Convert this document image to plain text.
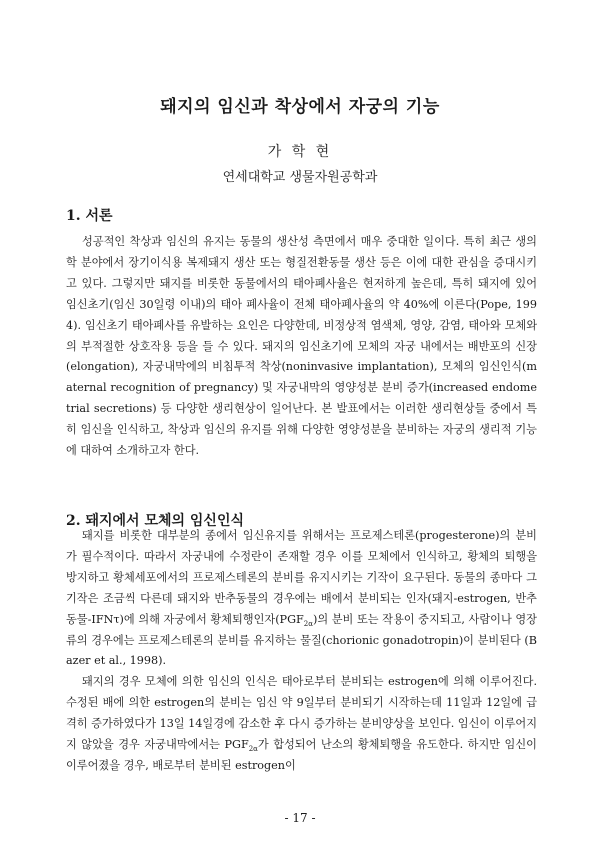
돼지의 임신과 착상에서 자궁의 기능
가 학 현
연세대학교 생물자원공학과
1. 서론

성공적인 착상과 임신의 유지는 동물의 생산성 측면에서 매우 중대한 일이다. 특히 최근 생의학 분야에서 장기이식용 복제돼지 생산 또는 형질전환동물 생산 등은 이에 대한 관심을 증대시키고 있다. 그렇지만 돼지를 비롯한 동물에서의 태아폐사율은 현저하게 높은데, 특히 돼지에 있어 임신초기(임신 30일령 이내)의 태아 폐사율이 전체 태아폐사율의 약 40%에 이른다(Pope, 1994). 임신초기 태아폐사를 유발하는 요인은 다양한데, 비정상적 염색체, 영양, 감염, 태아와 모체와의 부적절한 상호작용 등을 들 수 있다. 돼지의 임신초기에 모체의 자궁 내에서는 배반포의 신장(elongation), 자궁내막에의 비침투적 착상(noninvasive implantation), 모체의 임신인식(maternal recognition of pregnancy) 및 자궁내막의 영양성분 분비 증가(increased endometrial secretions) 등 다양한 생리현상이 일어난다. 본 발표에서는 이러한 생리현상들 중에서 특히 임신을 인식하고, 착상과 임신의 유지를 위해 다양한 영양성분을 분비하는 자궁의 생리적 기능에 대하여 소개하고자 한다.

2. 돼지에서 모체의 임신인식

돼지를 비롯한 대부분의 종에서 임신유지를 위해서는 프로제스테론(progesterone)의 분비가 필수적이다. 따라서 자궁내에 수정란이 존재할 경우 이를 모체에서 인식하고, 황체의 퇴행을 방지하고 황체세포에서의 프로제스테론의 분비를 유지시키는 기작이 요구된다. 동물의 종마다 그 기작은 조금씩 다른데 돼지와 반추동물의 경우에는 배에서 분비되는 인자(돼지-estrogen, 반추동물-IFNτ)에 의해 자궁에서 황체퇴행인자$(PGF_{2\alpha})$의 분비 또는 작용이 중지되고, 사람이나 영장류의 경우에는 프로제스테론의 분비를 유지하는 물질(chorionic gonadotropin)이 분비된다 (Bazer et al., 1998).

돼지의 경우 모체에 의한 임신의 인식은 태아로부터 분비되는 estrogen에 의해 이루어진다. 수정된 배에 의한 estrogen의 분비는 임신 약 9일부터 분비되기 시작하는데 11일과 12일에 급격히 증가하였다가 13일 14일경에 감소한 후 다시 증가하는 분비양상을 보인다. 임신이 이루어지지 않았을 경우 자궁내막에서는 $PGF_{2\alpha}$가 합성되어 난소의 황체퇴행을 유도한다. 하지만 임신이 이루어졌을 경우, 배로부터 분비된 estrogen이

- 17 -
